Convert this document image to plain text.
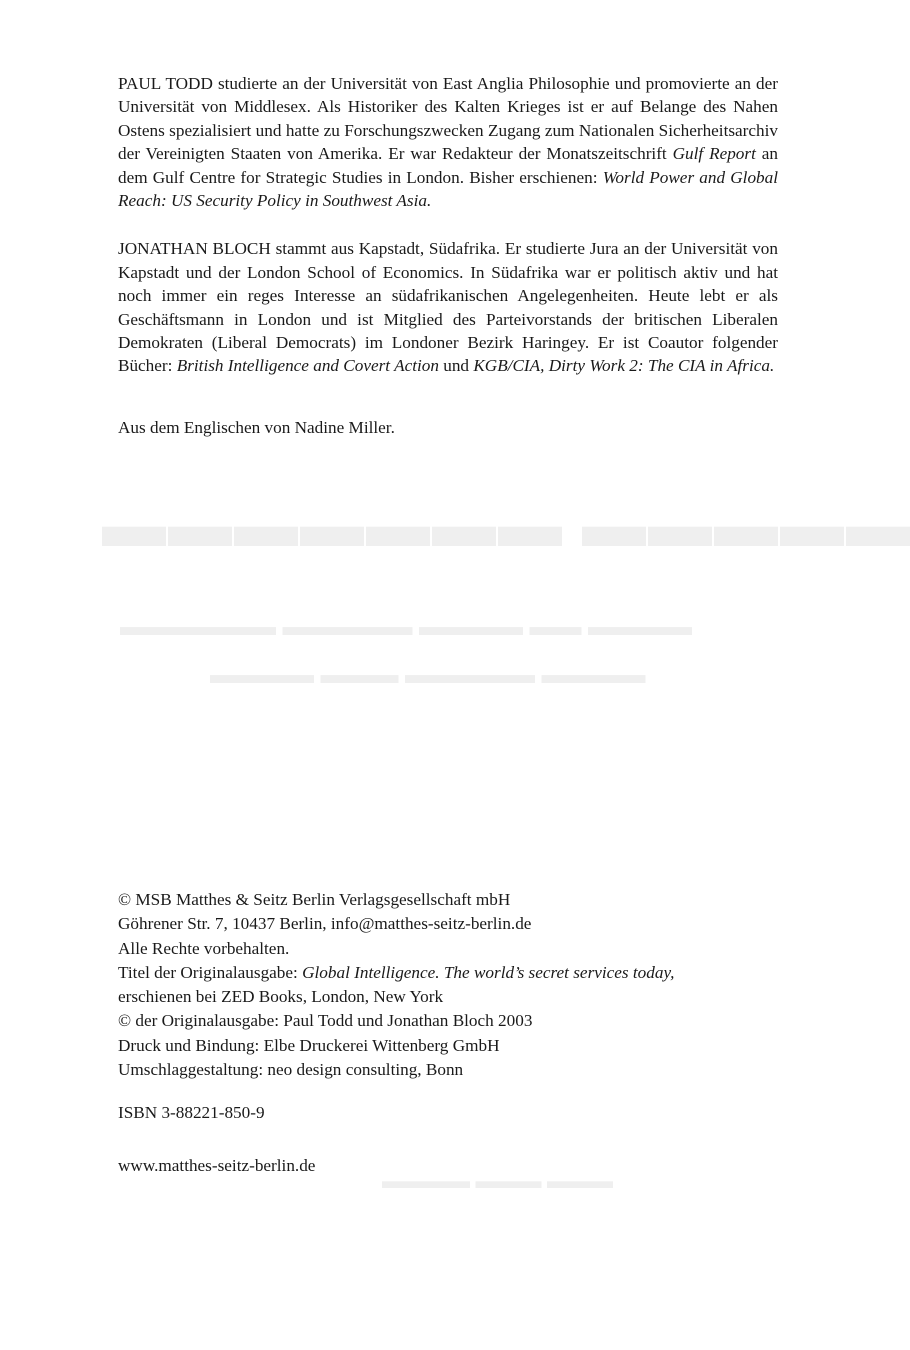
▬▬▬▬▬ ▬▬▬▬▬▬▬
▬▬▬▬ ▬▬ ▬▬▬▬ ▬▬▬▬▬ ▬▬▬▬▬▬
▬▬▬▬ ▬▬▬▬▬ ▬▬▬ ▬▬▬▬
▬▬▬ ▬▬▬ ▬▬▬▬

PAUL TODD studierte an der Universität von East Anglia Philosophie und promovierte an der Universität von Middlesex. Als Historiker des Kalten Krieges ist er auf Belange des Nahen Ostens spezialisiert und hatte zu Forschungszwecken Zugang zum Nationalen Sicherheitsarchiv der Vereinigten Staaten von Amerika. Er war Redakteur der Monatszeitschrift Gulf Report an dem Gulf Centre for Strategic Studies in London. Bisher erschienen: World Power and Global Reach: US Security Policy in Southwest Asia.

JONATHAN BLOCH stammt aus Kapstadt, Südafrika. Er studierte Jura an der Universität von Kapstadt und der London School of Economics. In Südafrika war er politisch aktiv und hat noch immer ein reges Interesse an südafrikanischen Angelegenheiten. Heute lebt er als Geschäftsmann in London und ist Mitglied des Parteivorstands der britischen Liberalen Demokraten (Liberal Democrats) im Londoner Bezirk Haringey. Er ist Coautor folgender Bücher: British Intelligence and Covert Action und KGB/CIA, Dirty Work 2: The CIA in Africa.

Aus dem Englischen von Nadine Miller.

© MSB Matthes & Seitz Berlin Verlagsgesellschaft mbH
Göhrener Str. 7, 10437 Berlin, info@matthes-seitz-berlin.de
Alle Rechte vorbehalten.
Titel der Originalausgabe: Global Intelligence. The world’s secret services today,
erschienen bei ZED Books, London, New York
© der Originalausgabe: Paul Todd und Jonathan Bloch 2003
Druck und Bindung: Elbe Druckerei Wittenberg GmbH
Umschlaggestaltung: neo design consulting, Bonn
ISBN 3-88221-850-9
www.matthes-seitz-berlin.de
